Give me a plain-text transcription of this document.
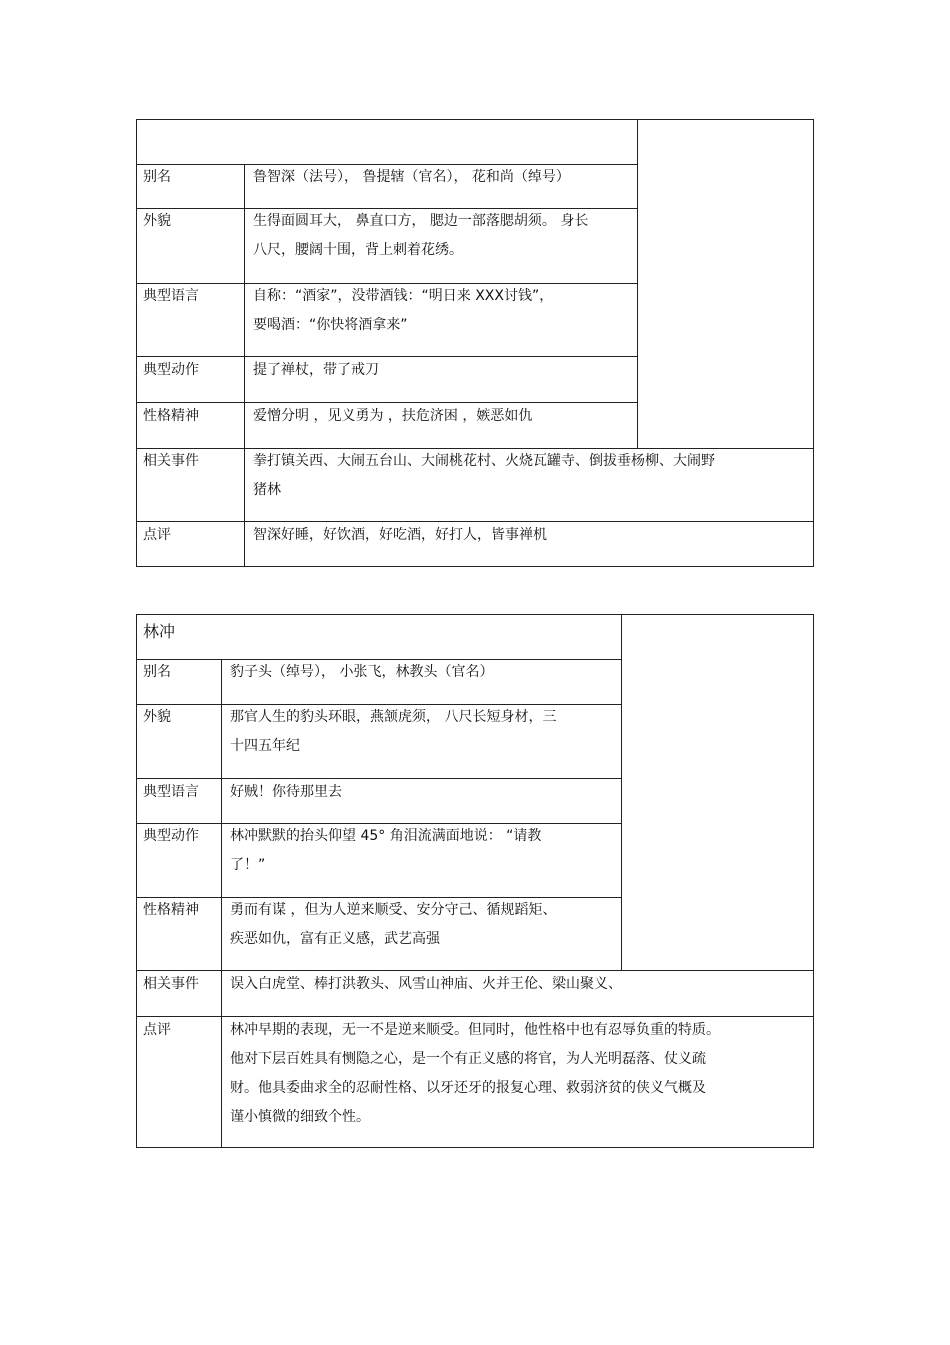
别名	鲁智深（法号）， 鲁提辖（官名）， 花和尚（绰号）
外貌	生得面圆耳大， 鼻直口方， 腮边一部落腮胡须。 身长
八尺，腰阔十围，背上刺着花绣。
典型语言	自称：“酒家”，没带酒钱：“明日来 XXX讨钱”，
要喝酒：“你快将酒拿来”
典型动作	提了禅杖，带了戒刀
性格精神	爱憎分明 ，见义勇为 ，扶危济困 ，嫉恶如仇
相关事件	拳打镇关西、大闹五台山、大闹桃花村、火烧瓦罐寺、倒拔垂杨柳、大闹野
猪林
点评	智深好睡，好饮酒，好吃酒，好打人，皆事禅机
林冲
别名	豹子头（绰号）， 小张飞，林教头（官名）
外貌	那官人生的豹头环眼，燕颔虎须， 八尺长短身材，三
十四五年纪
典型语言 好贼！你待那里去
典型动作 林冲默默的抬头仰望 45° 角泪流满面地说： “请教
了！”
性格精神 勇而有谋 ，但为人逆来顺受、安分守己、循规蹈矩、
疾恶如仇，富有正义感，武艺高强
相关事件 误入白虎堂、棒打洪教头、风雪山神庙、火并王伦、梁山聚义、
点评	林冲早期的表现，无一不是逆来顺受。但同时，他性格中也有忍辱负重的特质。
他对下层百姓具有恻隐之心，是一个有正义感的将官，为人光明磊落、仗义疏
财。他具委曲求全的忍耐性格、以牙还牙的报复心理、救弱济贫的侠义气概及
谨小慎微的细致个性。
